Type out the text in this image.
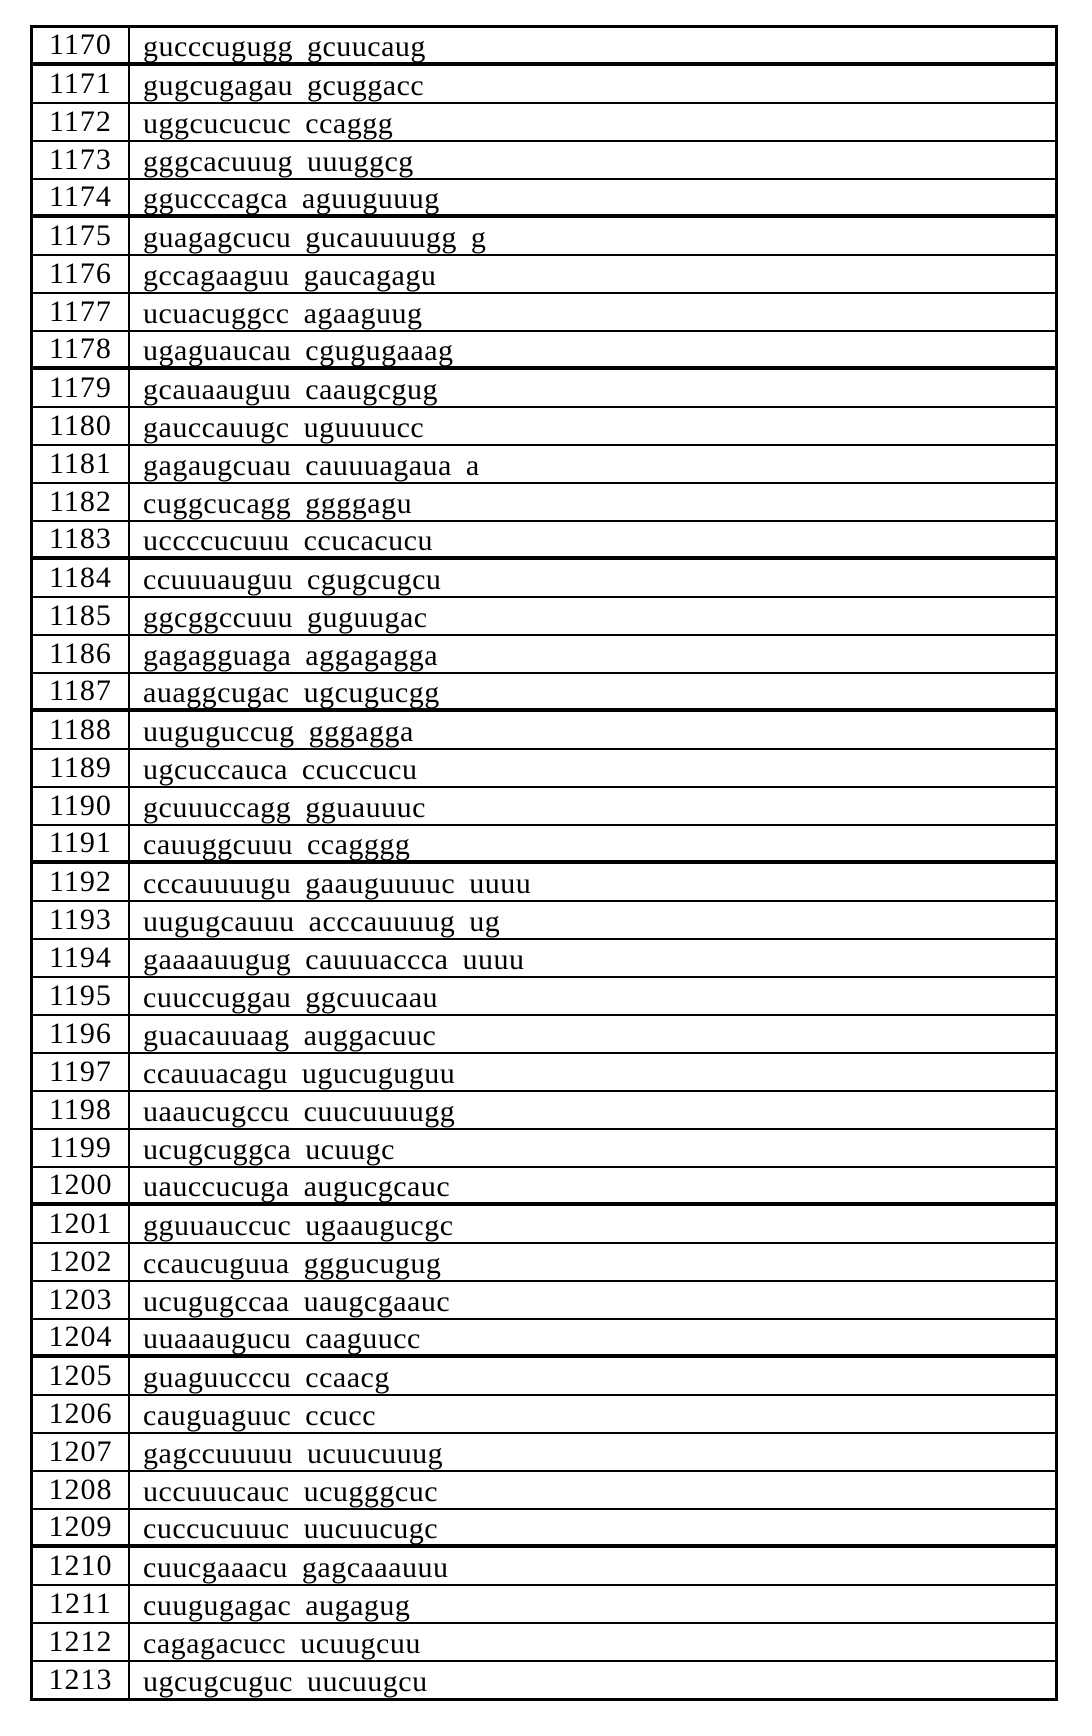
1170	gucccugugg gcuucaug
1171	gugcugagau gcuggacc
1172	uggcucucuc ccaggg
1173	gggcacuuug uuuggcg
1174	ggucccagca aguuguuug
1175	guagagcucu gucauuuugg g
1176	gccagaaguu gaucagagu
1177	ucuacuggcc agaaguug
1178	ugaguaucau cgugugaaag
1179	gcauaauguu caaugcgug
1180	gauccauugc uguuuucc
1181	gagaugcuau cauuuagaua a
1182	cuggcucagg ggggagu
1183	uccccucuuu ccucacucu
1184	ccuuuauguu cgugcugcu
1185	ggcggccuuu guguugac
1186	gagagguaga aggagagga
1187	auaggcugac ugcugucgg
1188	uuguguccug gggagga
1189	ugcuccauca ccuccucu
1190	gcuuuccagg gguauuuc
1191	cauuggcuuu ccagggg
1192	cccauuuugu gaauguuuuc uuuu
1193	uugugcauuu acccauuuug ug
1194	gaaaauugug cauuuaccca uuuu
1195	cuuccuggau ggcuucaau
1196	guacauuaag auggacuuc
1197	ccauuacagu ugucuguguu
1198	uaaucugccu cuucuuuugg
1199	ucugcuggca ucuugc
1200	uauccucuga augucgcauc
1201	gguuauccuc ugaaugucgc
1202	ccaucuguua gggucugug
1203	ucugugccaa uaugcgaauc
1204	uuaaaugucu caaguucc
1205	guaguucccu ccaacg
1206	cauguaguuc ccucc
1207	gagccuuuuu ucuucuuug
1208	uccuuucauc ucugggcuc
1209	cuccucuuuc uucuucugc
1210	cuucgaaacu gagcaaauuu
1211	cuugugagac augagug
1212	cagagacucc ucuugcuu
1213	ugcugcuguc uucuugcu
